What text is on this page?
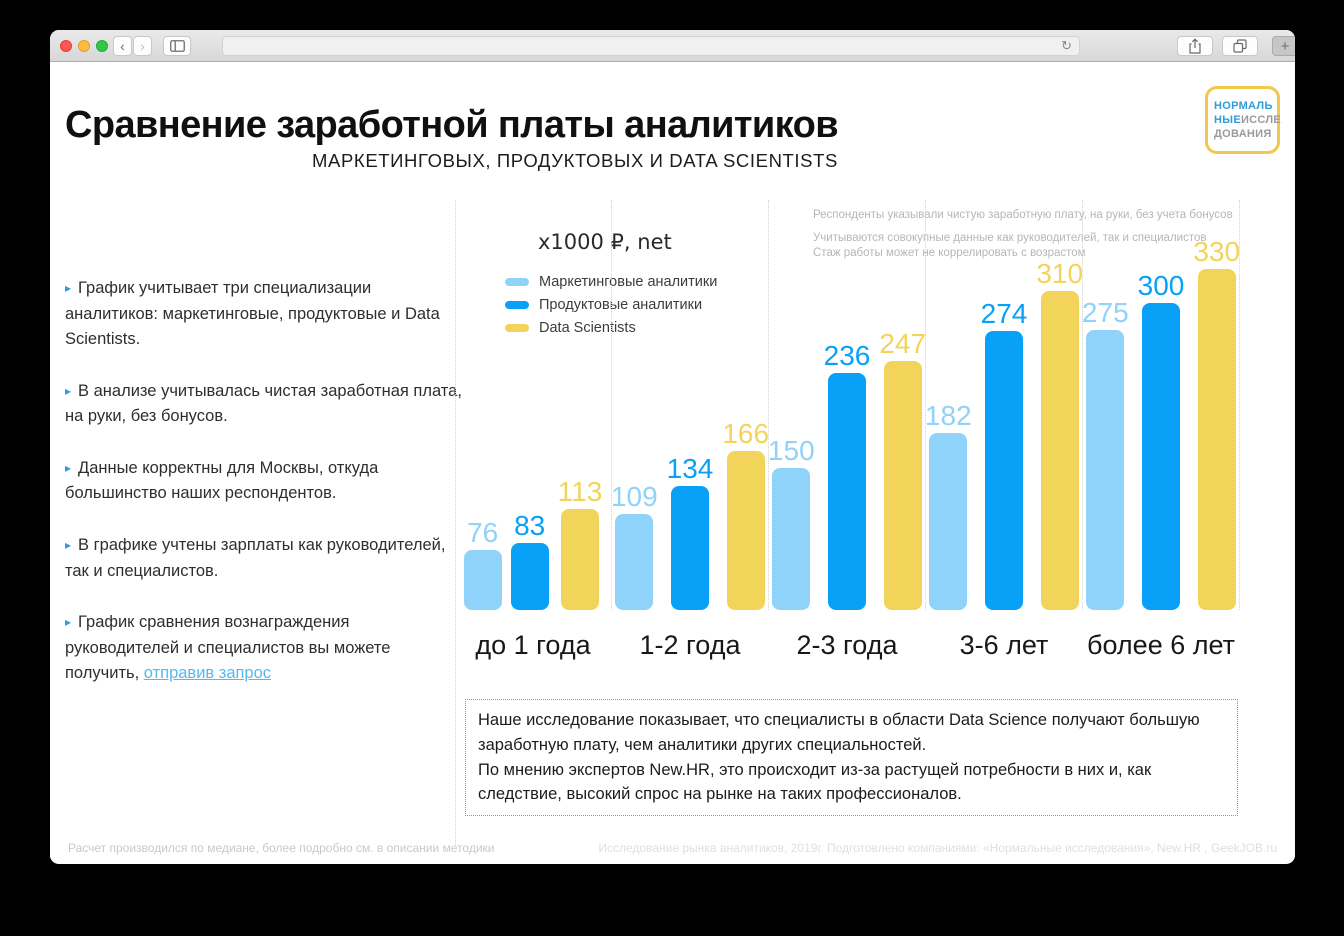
‹ ›	↻	+
Сравнение заработной платы аналитиков
МАРКЕТИНГОВЫХ, ПРОДУКТОВЫХ И DATA SCIENTISTS
НОРМАЛЬ
НЫЕИССЛЕ
ДОВАНИЯ
▸ График учитывает три специализации аналитиков: маркетинговые, продуктовые и Data Scientists.
▸ В анализе учитывалась чистая заработная плата, на руки, без бонусов.
▸ Данные корректны для Москвы, откуда большинство наших респондентов.
▸ В графике учтены зарплаты как руководителей, так и специалистов.
▸ График сравнения вознаграждения руководителей и специалистов вы можете получить, отправив запрос
Респонденты указывали чистую заработную плату, на руки, без учета бонусов
Учитываются совокупные данные как руководителей, так и специалистов
Стаж работы может не коррелировать с возрастом
x1000 ₽, net
Маркетинговые аналитики
Продуктовые аналитики
Data Scientists
76 83
113
до 1 года
109
134
166
1-2 года
150
236 247
2-3 года
182
274
310
3-6 лет
275
300
330
более 6 лет
Наше исследование показывает, что специалисты в области Data Science получают большую заработную плату, чем аналитики других специальностей.
По мнению экспертов New.HR, это происходит из-за растущей потребности в них и, как следствие, высокий спрос на рынке на таких профессионалов.
Расчет производился по медиане, более подробно см. в описании методики	Исследование рынка аналитиков, 2019г. Подготовлено компаниями: «Нормальные исследования», New.HR , GeekJOB.ru
